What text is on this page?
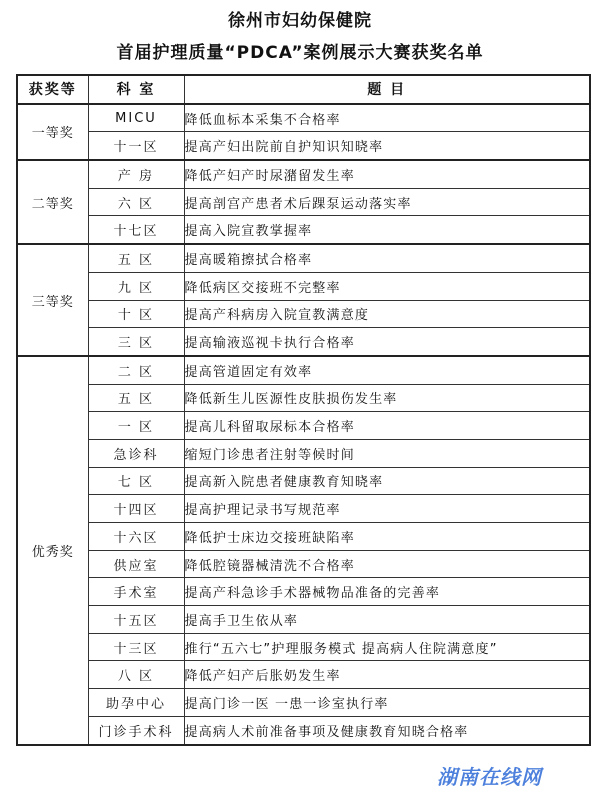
徐州市妇幼保健院
首届护理质量“PDCA”案例展示大赛获奖名单
获奖等	科 室	题 目
一等奖	MICU	降低血标本采集不合格率
	十一区	提高产妇出院前自护知识知晓率
二等奖	产 房	降低产妇产时尿潴留发生率
	六 区	提高剖宫产患者术后踝泵运动落实率
	十七区	提高入院宣教掌握率
三等奖	五 区	提高暖箱擦拭合格率
	九 区	降低病区交接班不完整率
	十 区	提高产科病房入院宣教满意度
	三 区	提高输液巡视卡执行合格率
优秀奖	二 区	提高管道固定有效率
	五 区	降低新生儿医源性皮肤损伤发生率
	一 区	提高儿科留取尿标本合格率
	急诊科	缩短门诊患者注射等候时间
	七 区	提高新入院患者健康教育知晓率
	十四区	提高护理记录书写规范率
	十六区	降低护士床边交接班缺陷率
	供应室	降低腔镜器械清洗不合格率
	手术室	提高产科急诊手术器械物品准备的完善率
	十五区	提高手卫生依从率
	十三区	推行“五六七”护理服务模式 提高病人住院满意度”
	八 区	降低产妇产后胀奶发生率
	助孕中心	提高门诊一医 一患一诊室执行率
	门诊手术科	提高病人术前准备事项及健康教育知晓合格率
湖南在线网
